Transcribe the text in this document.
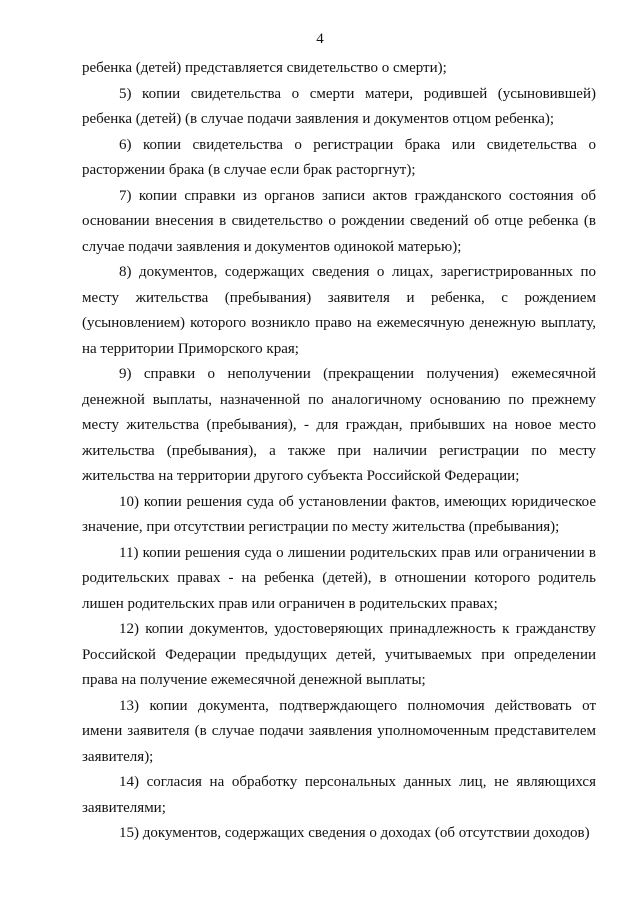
4

ребенка (детей) представляется свидетельство о смерти);

5) копии свидетельства о смерти матери, родившей (усыновившей) ребенка (детей) (в случае подачи заявления и документов отцом ребенка);

6) копии свидетельства о регистрации брака или свидетельства о расторжении брака (в случае если брак расторгнут);

7) копии справки из органов записи актов гражданского состояния об основании внесения в свидетельство о рождении сведений об отце ребенка (в случае подачи заявления и документов одинокой матерью);

8) документов, содержащих сведения о лицах, зарегистрированных по месту жительства (пребывания) заявителя и ребенка, с рождением (усыновлением) которого возникло право на ежемесячную денежную выплату, на территории Приморского края;

9) справки о неполучении (прекращении получения) ежемесячной денежной выплаты, назначенной по аналогичному основанию по прежнему месту жительства (пребывания), - для граждан, прибывших на новое место жительства (пребывания), а также при наличии регистрации по месту жительства на территории другого субъекта Российской Федерации;

10) копии решения суда об установлении фактов, имеющих юридическое значение, при отсутствии регистрации по месту жительства (пребывания);

11) копии решения суда о лишении родительских прав или ограничении в родительских правах - на ребенка (детей), в отношении которого родитель лишен родительских прав или ограничен в родительских правах;

12) копии документов, удостоверяющих принадлежность к гражданству Российской Федерации предыдущих детей, учитываемых при определении права на получение ежемесячной денежной выплаты;

13) копии документа, подтверждающего полномочия действовать от имени заявителя (в случае подачи заявления уполномоченным представителем заявителя);

14) согласия на обработку персональных данных лиц, не являющихся заявителями;

15) документов, содержащих сведения о доходах (об отсутствии доходов)
